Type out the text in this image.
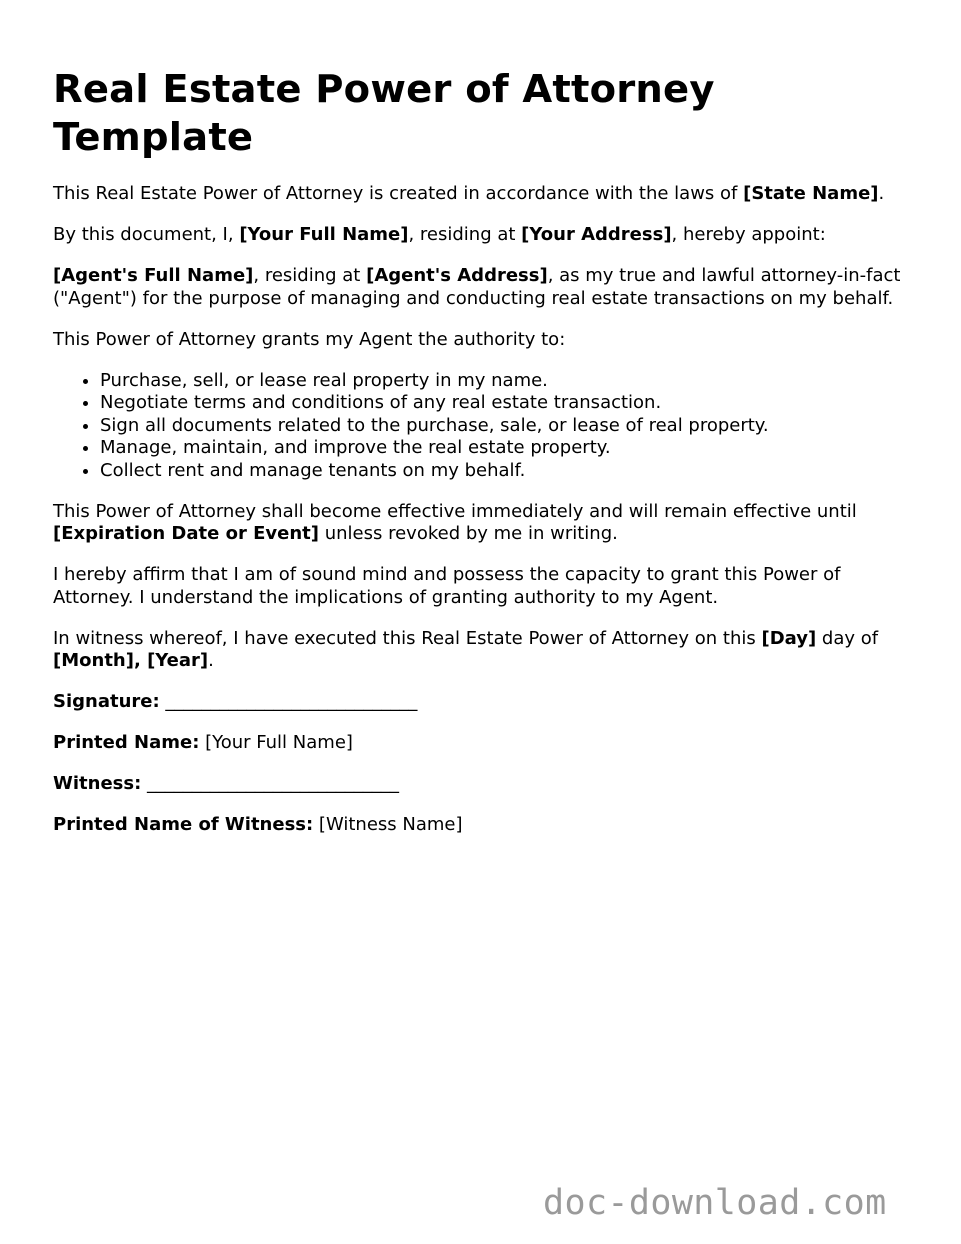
Real Estate Power of Attorney Template

This Real Estate Power of Attorney is created in accordance with the laws of [State Name].

By this document, I, [Your Full Name], residing at [Your Address], hereby appoint:

[Agent's Full Name], residing at [Agent's Address], as my true and lawful attorney-in-fact ("Agent") for the purpose of managing and conducting real estate transactions on my behalf.

This Power of Attorney grants my Agent the authority to:

• Purchase, sell, or lease real property in my name.
• Negotiate terms and conditions of any real estate transaction.
• Sign all documents related to the purchase, sale, or lease of real property.
• Manage, maintain, and improve the real estate property.
• Collect rent and manage tenants on my behalf.

This Power of Attorney shall become effective immediately and will remain effective until [Expiration Date or Event] unless revoked by me in writing.

I hereby affirm that I am of sound mind and possess the capacity to grant this Power of Attorney. I understand the implications of granting authority to my Agent.

In witness whereof, I have executed this Real Estate Power of Attorney on this [Day] day of [Month], [Year].

Signature: ____________________________

Printed Name: [Your Full Name]

Witness: ____________________________

Printed Name of Witness: [Witness Name]

doc-download.com
